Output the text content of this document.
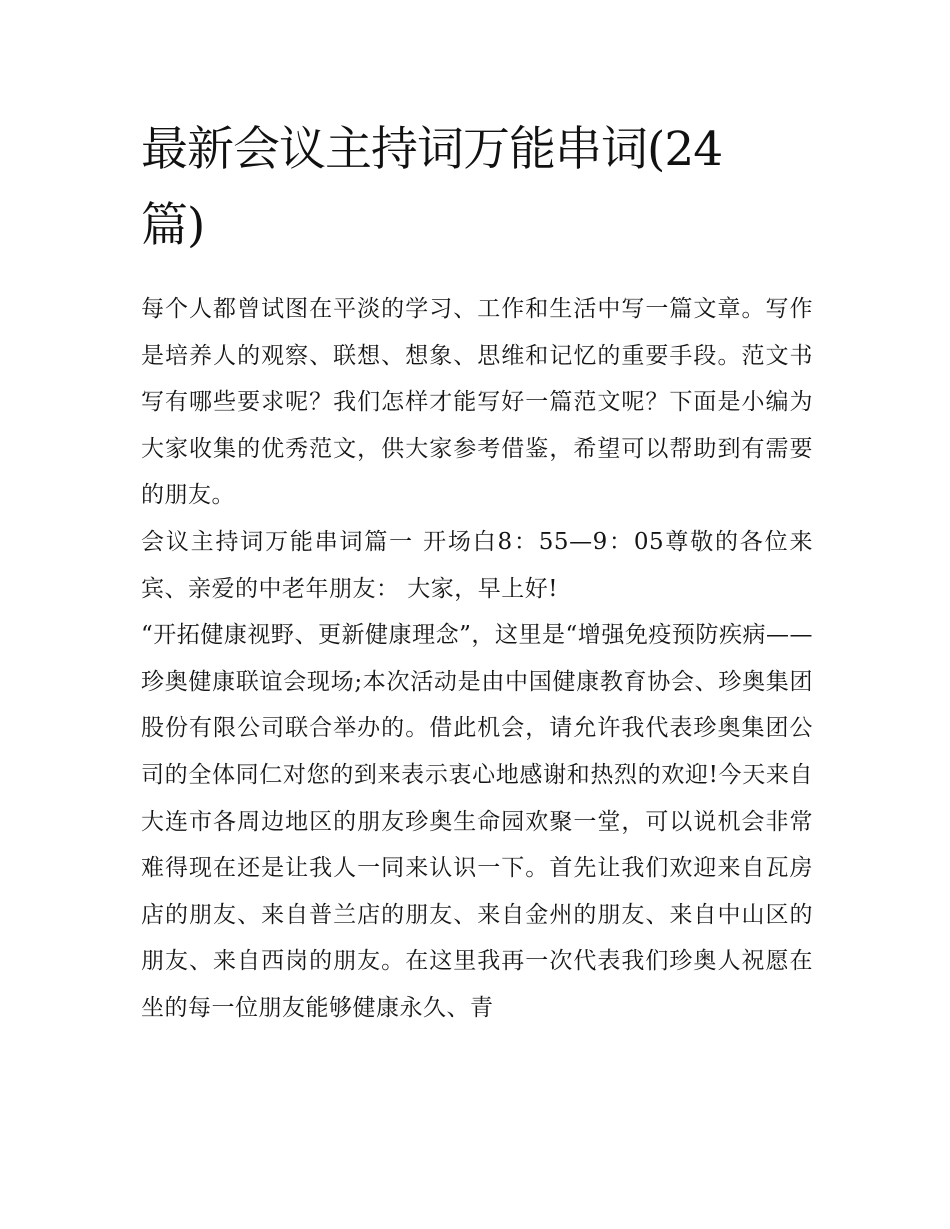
最新会议主持词万能串词(24篇)

每个人都曾试图在平淡的学习、工作和生活中写一篇文章。写作是培养人的观察、联想、想象、思维和记忆的重要手段。范文书写有哪些要求呢？我们怎样才能写好一篇范文呢？下面是小编为大家收集的优秀范文，供大家参考借鉴，希望可以帮助到有需要的朋友。

会议主持词万能串词篇一 开场白8：55—9：05尊敬的各位来宾、亲爱的中老年朋友： 大家，早上好!

“开拓健康视野、更新健康理念”，这里是“增强免疫预防疾病——珍奥健康联谊会现场;本次活动是由中国健康教育协会、珍奥集团股份有限公司联合举办的。借此机会，请允许我代表珍奥集团公司的全体同仁对您的到来表示衷心地感谢和热烈的欢迎!今天来自大连市各周边地区的朋友珍奥生命园欢聚一堂，可以说机会非常难得现在还是让我人一同来认识一下。首先让我们欢迎来自瓦房店的朋友、来自普兰店的朋友、来自金州的朋友、来自中山区的朋友、来自西岗的朋友。在这里我再一次代表我们珍奥人祝愿在坐的每一位朋友能够健康永久、青
